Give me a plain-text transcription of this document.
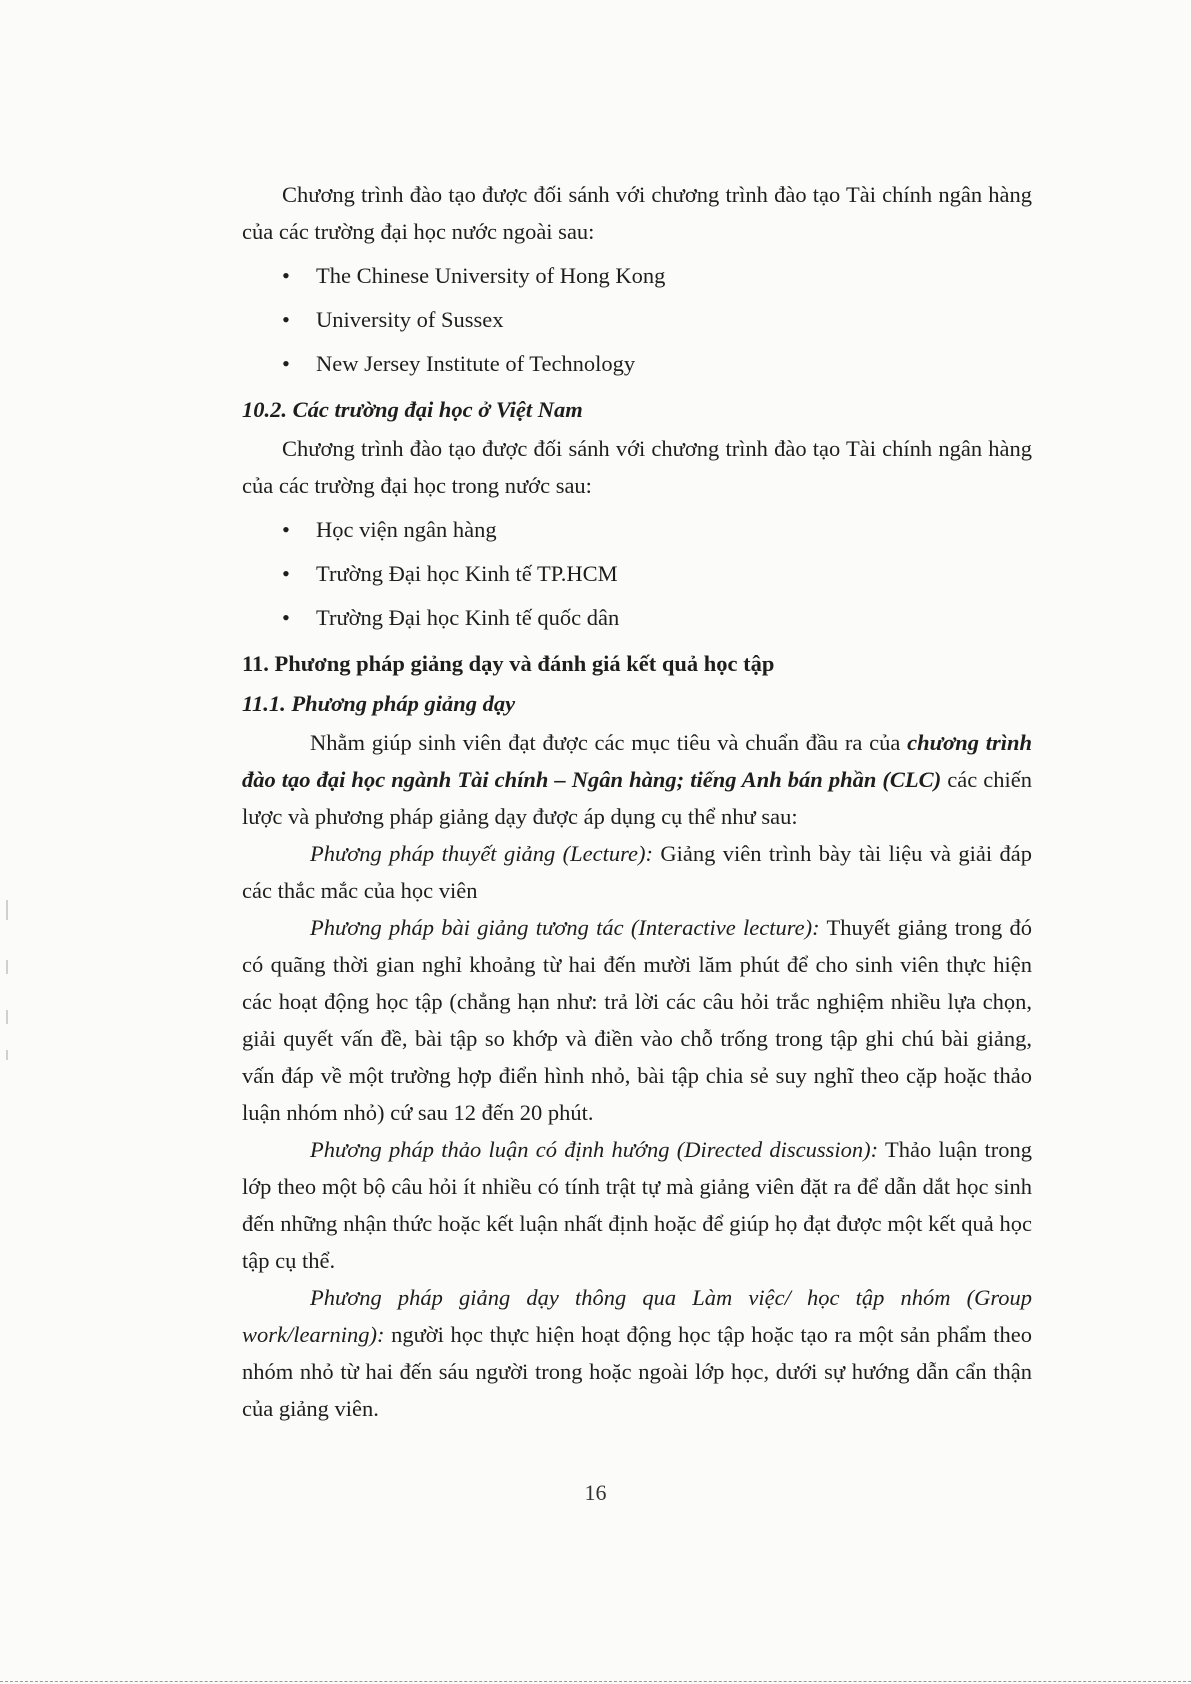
Chương trình đào tạo được đối sánh với chương trình đào tạo Tài chính ngân hàng của các trường đại học nước ngoài sau:

• The Chinese University of Hong Kong
• University of Sussex
• New Jersey Institute of Technology

10.2. Các trường đại học ở Việt Nam

Chương trình đào tạo được đối sánh với chương trình đào tạo Tài chính ngân hàng của các trường đại học trong nước sau:

• Học viện ngân hàng
• Trường Đại học Kinh tế TP.HCM
• Trường Đại học Kinh tế quốc dân

11. Phương pháp giảng dạy và đánh giá kết quả học tập

11.1. Phương pháp giảng dạy

Nhằm giúp sinh viên đạt được các mục tiêu và chuẩn đầu ra của chương trình đào tạo đại học ngành Tài chính – Ngân hàng; tiếng Anh bán phần (CLC) các chiến lược và phương pháp giảng dạy được áp dụng cụ thể như sau:

Phương pháp thuyết giảng (Lecture): Giảng viên trình bày tài liệu và giải đáp các thắc mắc của học viên

Phương pháp bài giảng tương tác (Interactive lecture): Thuyết giảng trong đó có quãng thời gian nghỉ khoảng từ hai đến mười lăm phút để cho sinh viên thực hiện các hoạt động học tập (chẳng hạn như: trả lời các câu hỏi trắc nghiệm nhiều lựa chọn, giải quyết vấn đề, bài tập so khớp và điền vào chỗ trống trong tập ghi chú bài giảng, vấn đáp về một trường hợp điển hình nhỏ, bài tập chia sẻ suy nghĩ theo cặp hoặc thảo luận nhóm nhỏ) cứ sau 12 đến 20 phút.

Phương pháp thảo luận có định hướng (Directed discussion): Thảo luận trong lớp theo một bộ câu hỏi ít nhiều có tính trật tự mà giảng viên đặt ra để dẫn dắt học sinh đến những nhận thức hoặc kết luận nhất định hoặc để giúp họ đạt được một kết quả học tập cụ thể.

Phương pháp giảng dạy thông qua Làm việc/ học tập nhóm (Group work/learning): người học thực hiện hoạt động học tập hoặc tạo ra một sản phẩm theo nhóm nhỏ từ hai đến sáu người trong hoặc ngoài lớp học, dưới sự hướng dẫn cẩn thận của giảng viên.

16
